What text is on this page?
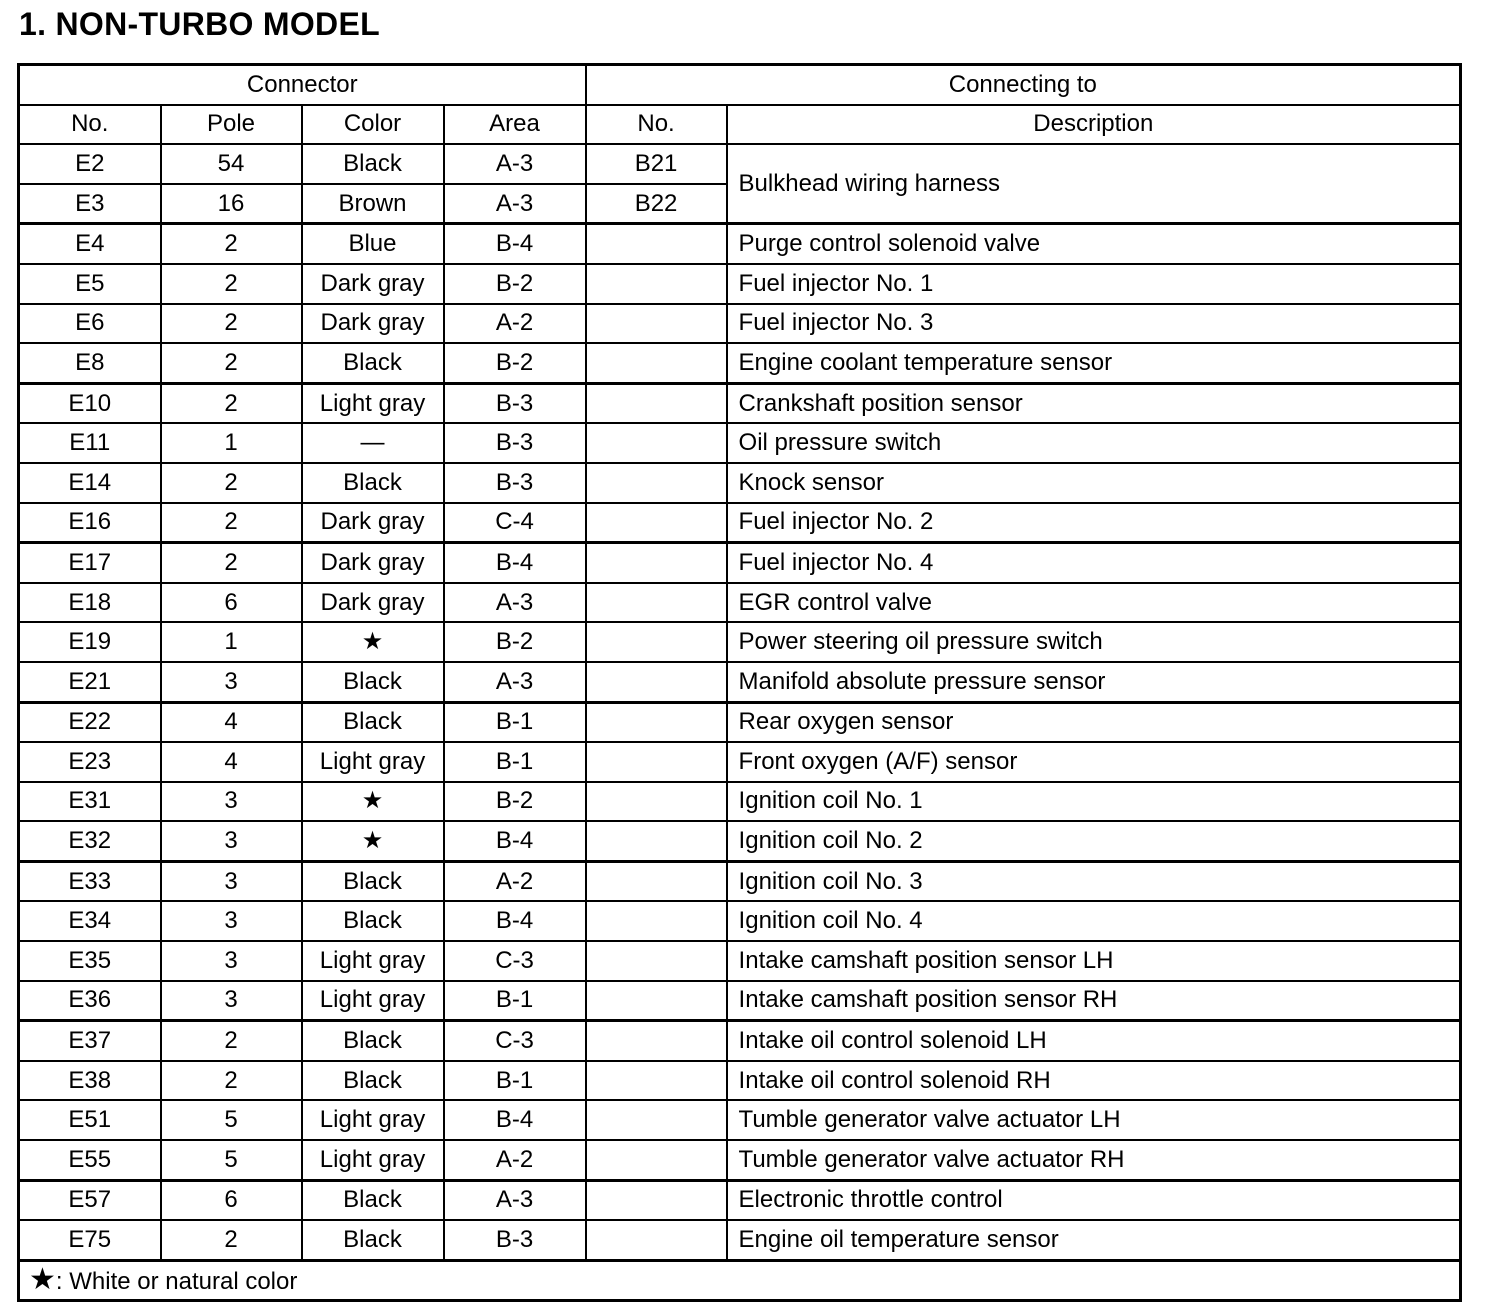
1. NON-TURBO MODEL
Connector				Connecting to	
No.	Pole	Color	Area	No.	Description
E2	54	Black	A-3	B21	Bulkhead wiring harness
E3	16	Brown	A-3	B22	
E4	2	Blue	B-4		Purge control solenoid valve
E5	2	Dark gray	B-2		Fuel injector No. 1
E6	2	Dark gray	A-2		Fuel injector No. 3
E8	2	Black	B-2		Engine coolant temperature sensor
E10	2	Light gray	B-3		Crankshaft position sensor
E11	1	—	B-3		Oil pressure switch
E14	2	Black	B-3		Knock sensor
E16	2	Dark gray	C-4		Fuel injector No. 2
E17	2	Dark gray	B-4		Fuel injector No. 4
E18	6	Dark gray	A-3		EGR control valve
E19	1	★	B-2		Power steering oil pressure switch
E21	3	Black	A-3		Manifold absolute pressure sensor
E22	4	Black	B-1		Rear oxygen sensor
E23	4	Light gray	B-1		Front oxygen (A/F) sensor
E31	3	★	B-2		Ignition coil No. 1
E32	3	★	B-4		Ignition coil No. 2
E33	3	Black	A-2		Ignition coil No. 3
E34	3	Black	B-4		Ignition coil No. 4
E35	3	Light gray	C-3		Intake camshaft position sensor LH
E36	3	Light gray	B-1		Intake camshaft position sensor RH
E37	2	Black	C-3		Intake oil control solenoid LH
E38	2	Black	B-1		Intake oil control solenoid RH
E51	5	Light gray	B-4		Tumble generator valve actuator LH
E55	5	Light gray	A-2		Tumble generator valve actuator RH
E57	6	Black	A-3		Electronic throttle control
E75	2	Black	B-3		Engine oil temperature sensor
★: White or natural color					
